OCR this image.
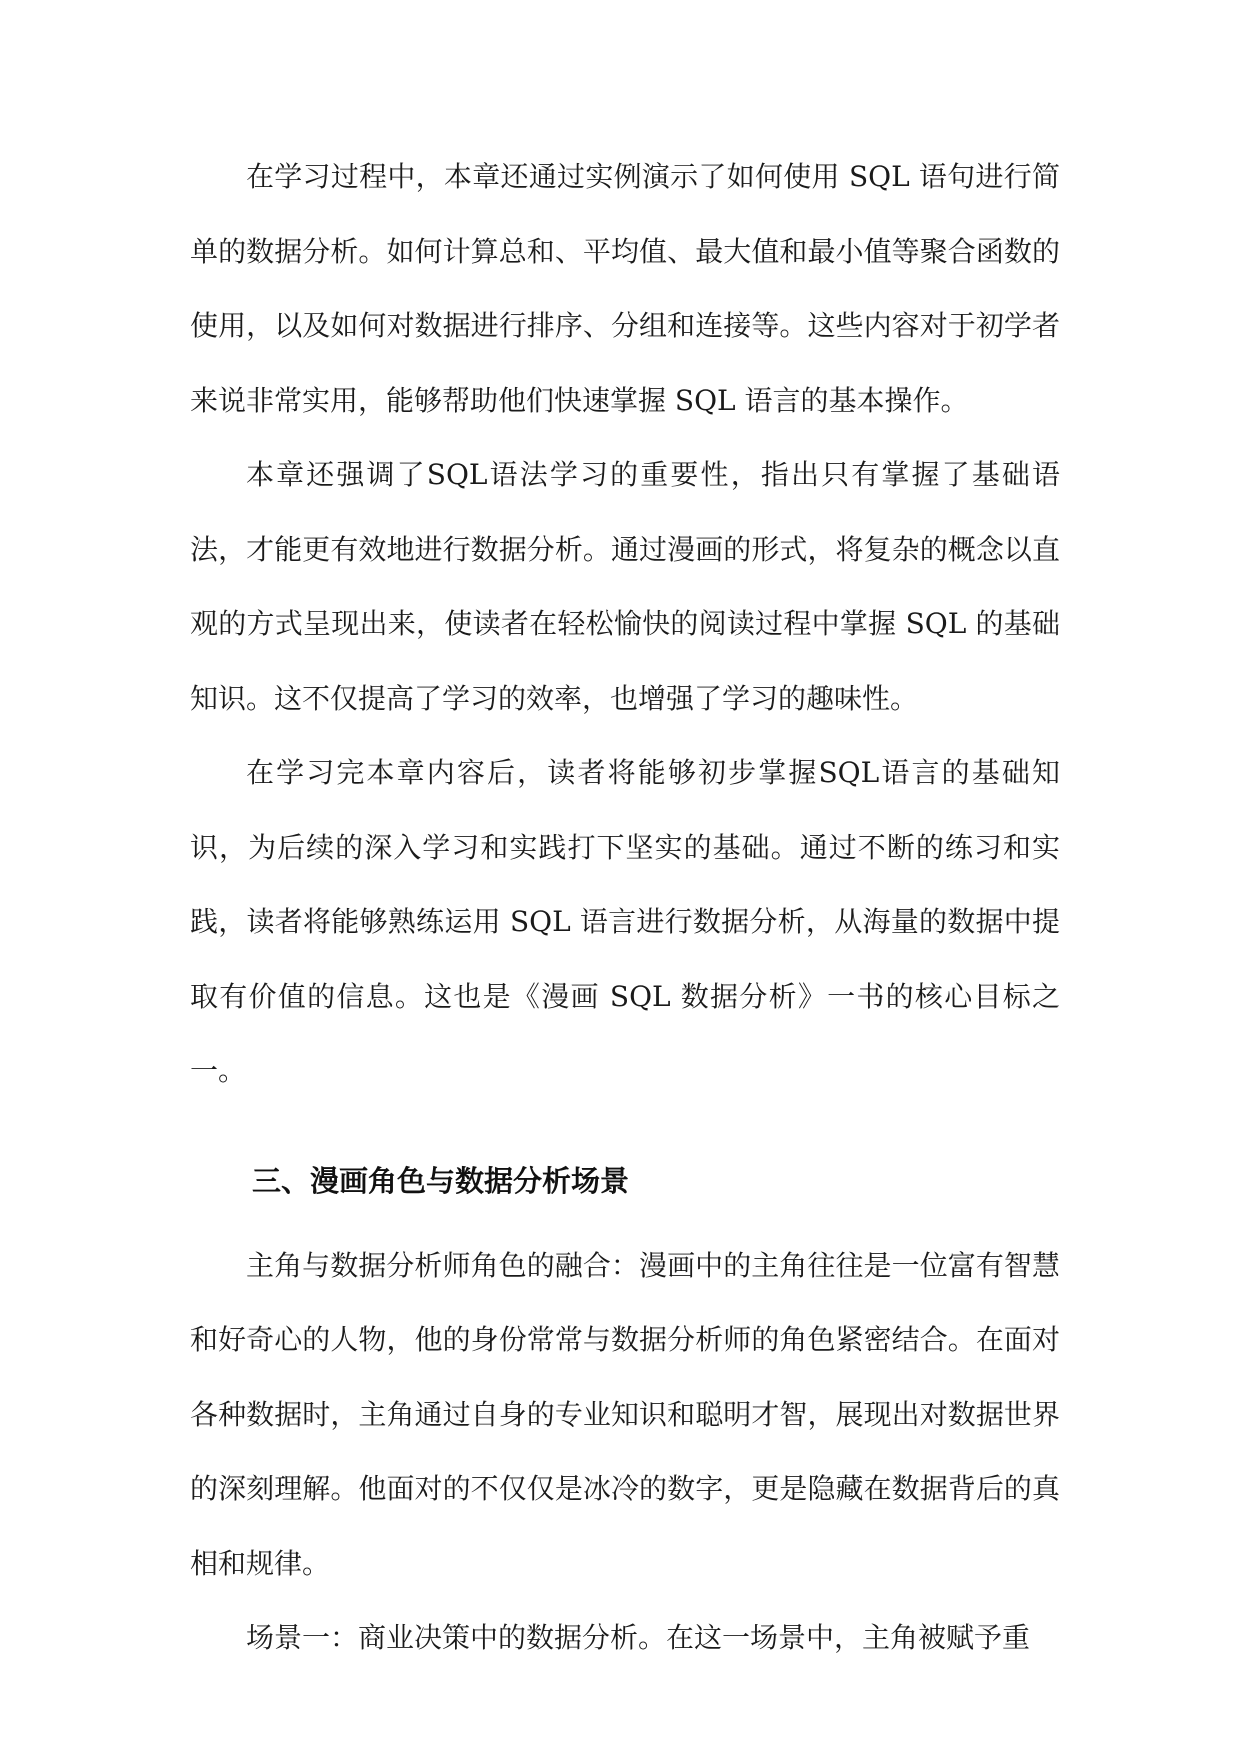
在学习过程中，本章还通过实例演示了如何使用 SQL 语句进行简单的数据分析。如何计算总和、平均值、最大值和最小值等聚合函数的使用，以及如何对数据进行排序、分组和连接等。这些内容对于初学者来说非常实用，能够帮助他们快速掌握 SQL 语言的基本操作。

本章还强调了SQL语法学习的重要性，指出只有掌握了基础语法，才能更有效地进行数据分析。通过漫画的形式，将复杂的概念以直观的方式呈现出来，使读者在轻松愉快的阅读过程中掌握 SQL 的基础知识。这不仅提高了学习的效率，也增强了学习的趣味性。

在学习完本章内容后，读者将能够初步掌握SQL语言的基础知识，为后续的深入学习和实践打下坚实的基础。通过不断的练习和实践，读者将能够熟练运用 SQL 语言进行数据分析，从海量的数据中提取有价值的信息。这也是《漫画 SQL 数据分析》一书的核心目标之一。

三、漫画角色与数据分析场景

主角与数据分析师角色的融合：漫画中的主角往往是一位富有智慧和好奇心的人物，他的身份常常与数据分析师的角色紧密结合。在面对各种数据时，主角通过自身的专业知识和聪明才智，展现出对数据世界的深刻理解。他面对的不仅仅是冰冷的数字，更是隐藏在数据背后的真相和规律。

场景一：商业决策中的数据分析。在这一场景中，主角被赋予重
